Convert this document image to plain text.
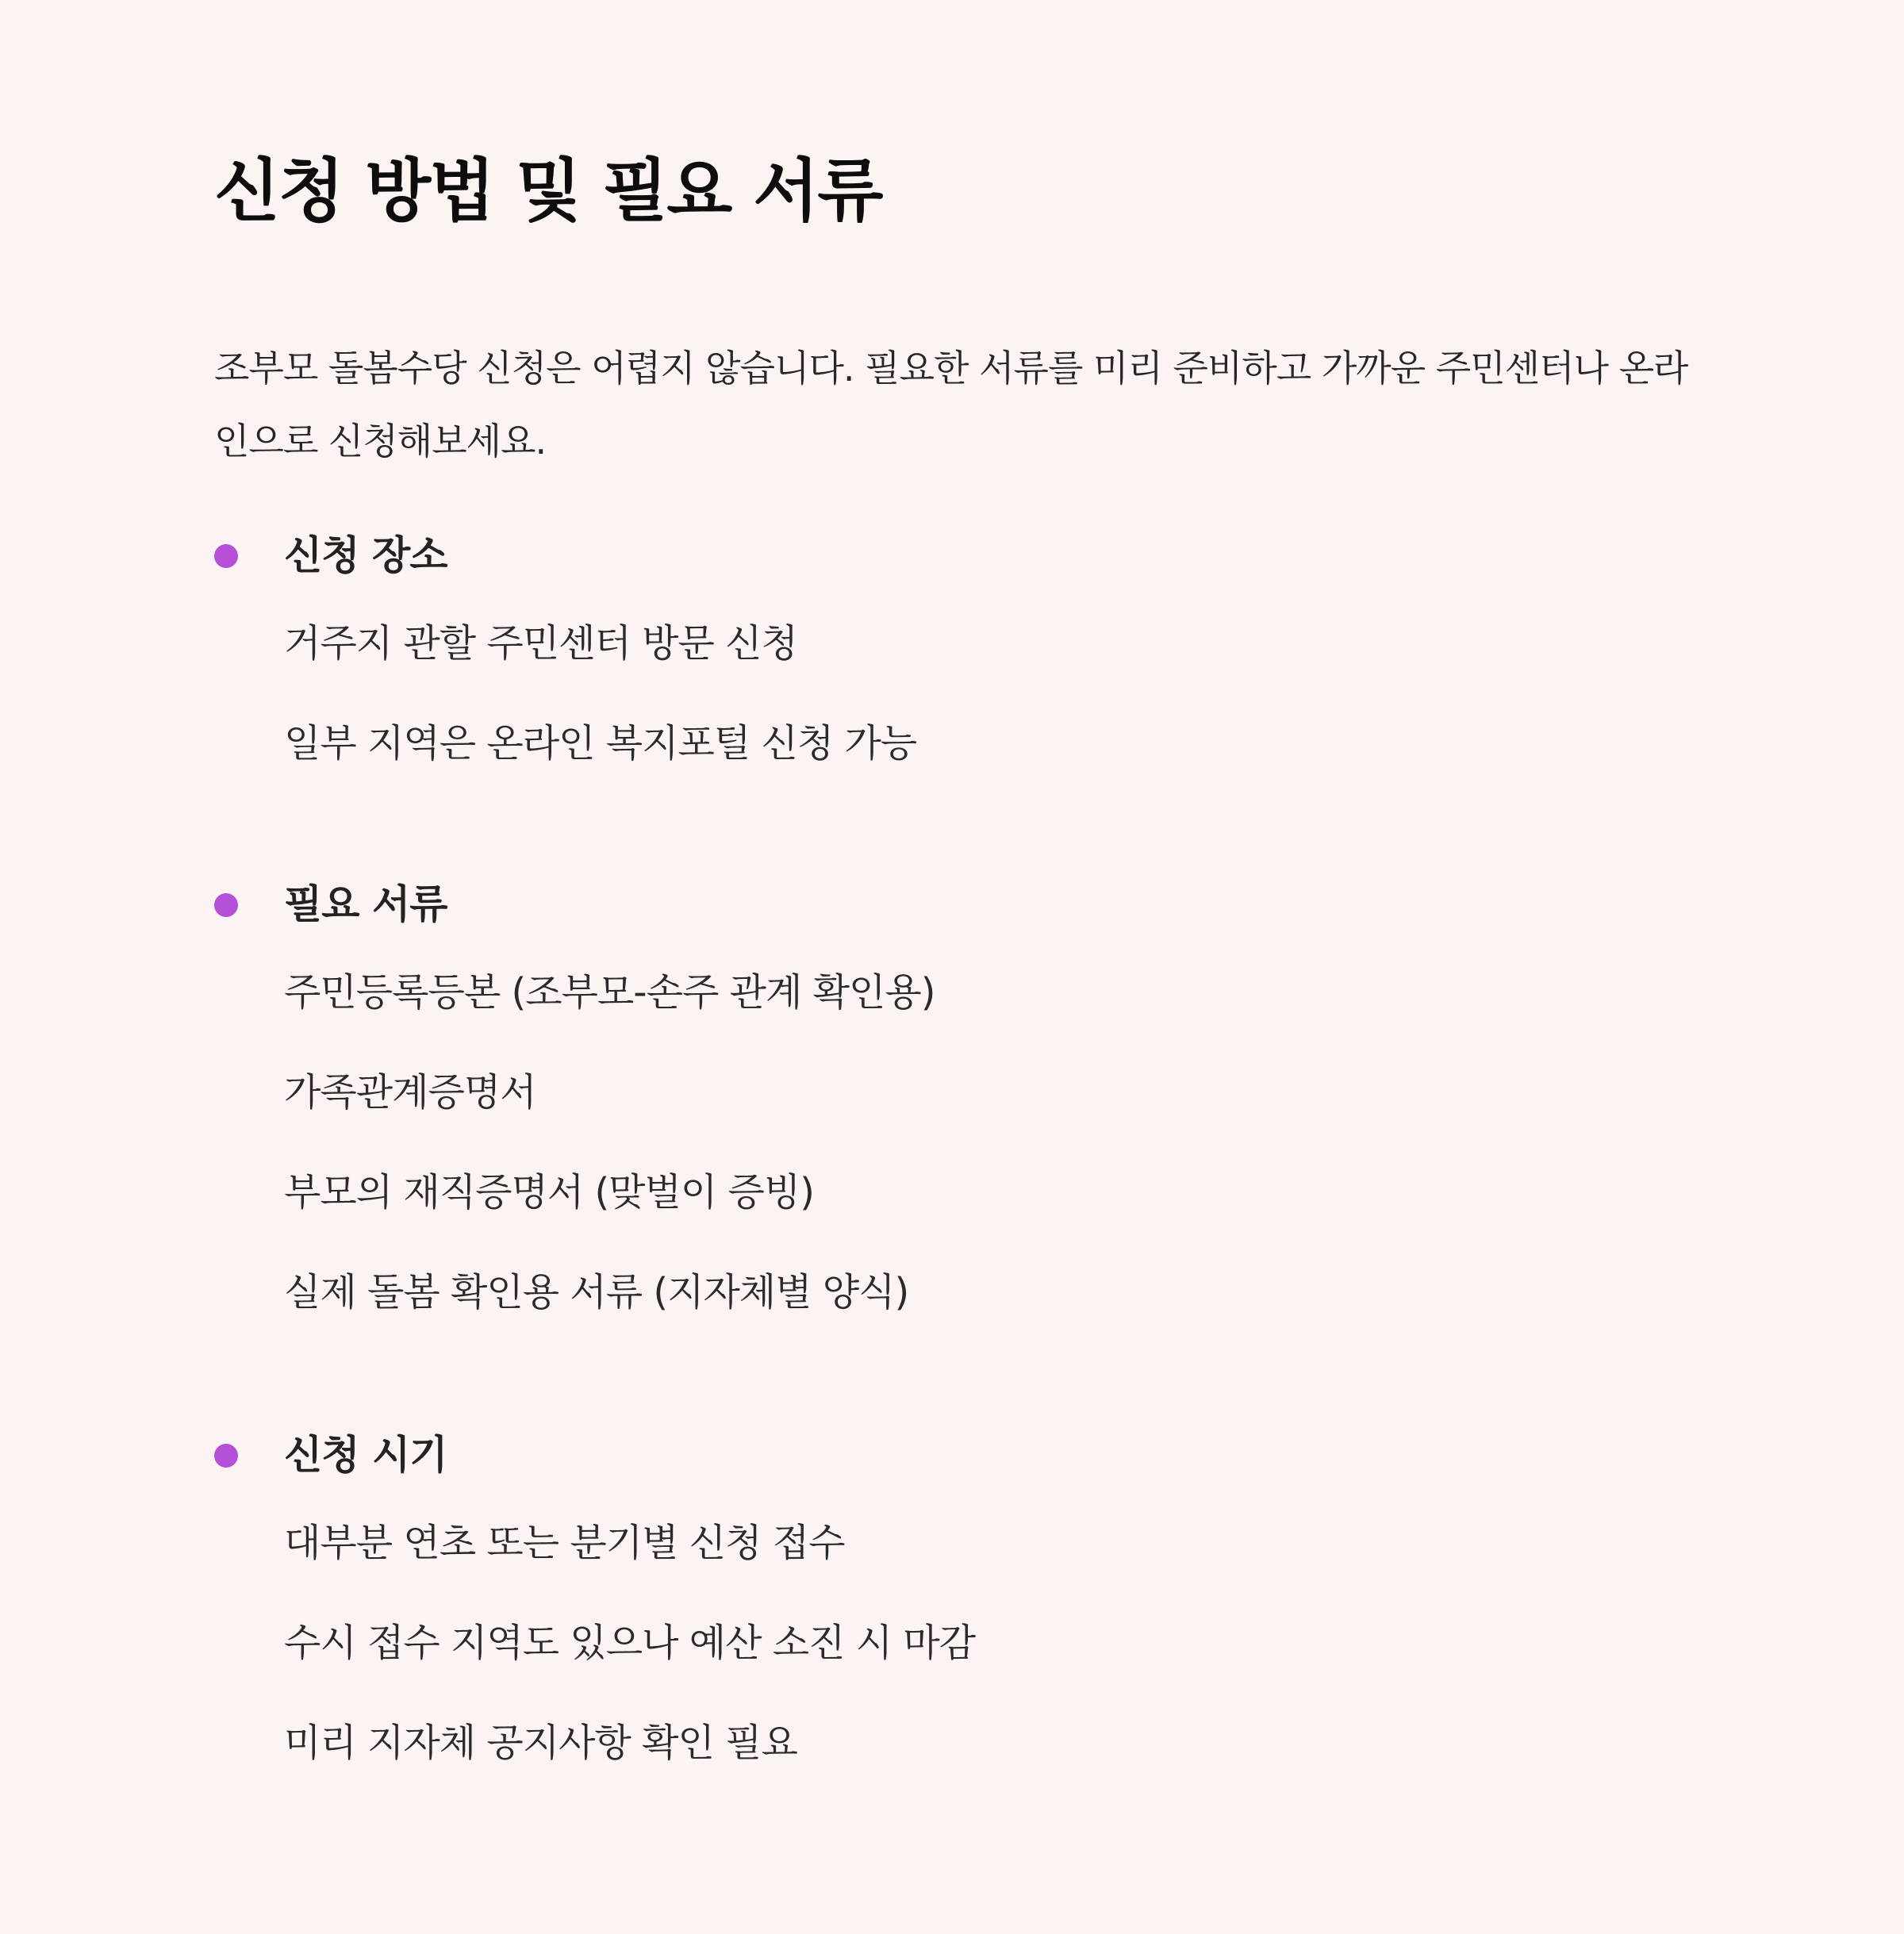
신청 방법 및 필요 서류

조부모 돌봄수당 신청은 어렵지 않습니다. 필요한 서류를 미리 준비하고 가까운 주민센터나 온라인으로 신청해보세요.

신청 장소
거주지 관할 주민센터 방문 신청
일부 지역은 온라인 복지포털 신청 가능
필요 서류
주민등록등본 (조부모-손주 관계 확인용)
가족관계증명서
부모의 재직증명서 (맞벌이 증빙)
실제 돌봄 확인용 서류 (지자체별 양식)
신청 시기
대부분 연초 또는 분기별 신청 접수
수시 접수 지역도 있으나 예산 소진 시 마감
미리 지자체 공지사항 확인 필요
